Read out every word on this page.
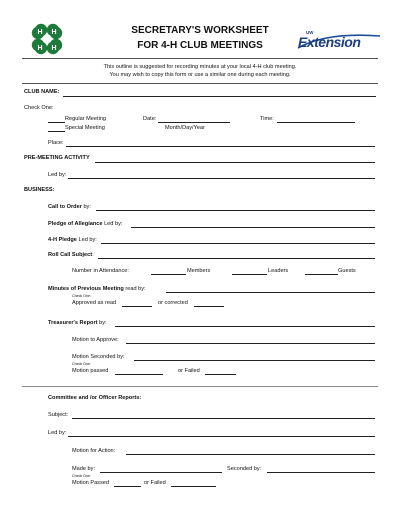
H H
H H
SECRETARY'S WORKSHEET
FOR 4-H CLUB MEETINGS
UW
Extension
This outline is suggested for recording minutes at your local 4-H club meeting.
You may wish to copy this form or use a similar one during each meeting.
CLUB NAME:
Check One:
Regular Meeting	Date:	Time:
Special Meeting	Month/Day/Year
Place:
PRE-MEETING ACTIVITY
Led by:
BUSINESS:
Call to Order by:
Pledge of Allegiance Led by:
4-H Pledge Led by:
Roll Call Subject:
Number in Attendance:	Members	Leaders	Guests
Minutes of Previous Meeting read by:
Check One:
Approved as read	or corrected
Treasurer's Report by:
Motion to Approve:
Motion Seconded by:
Check One:
Motion passed	or Failed
Committee and /or Officer Reports:
Subject:
Led by:
Motion for Action:
Made by:	Seconded by:
Check One:
Motion Passed	or Failed
